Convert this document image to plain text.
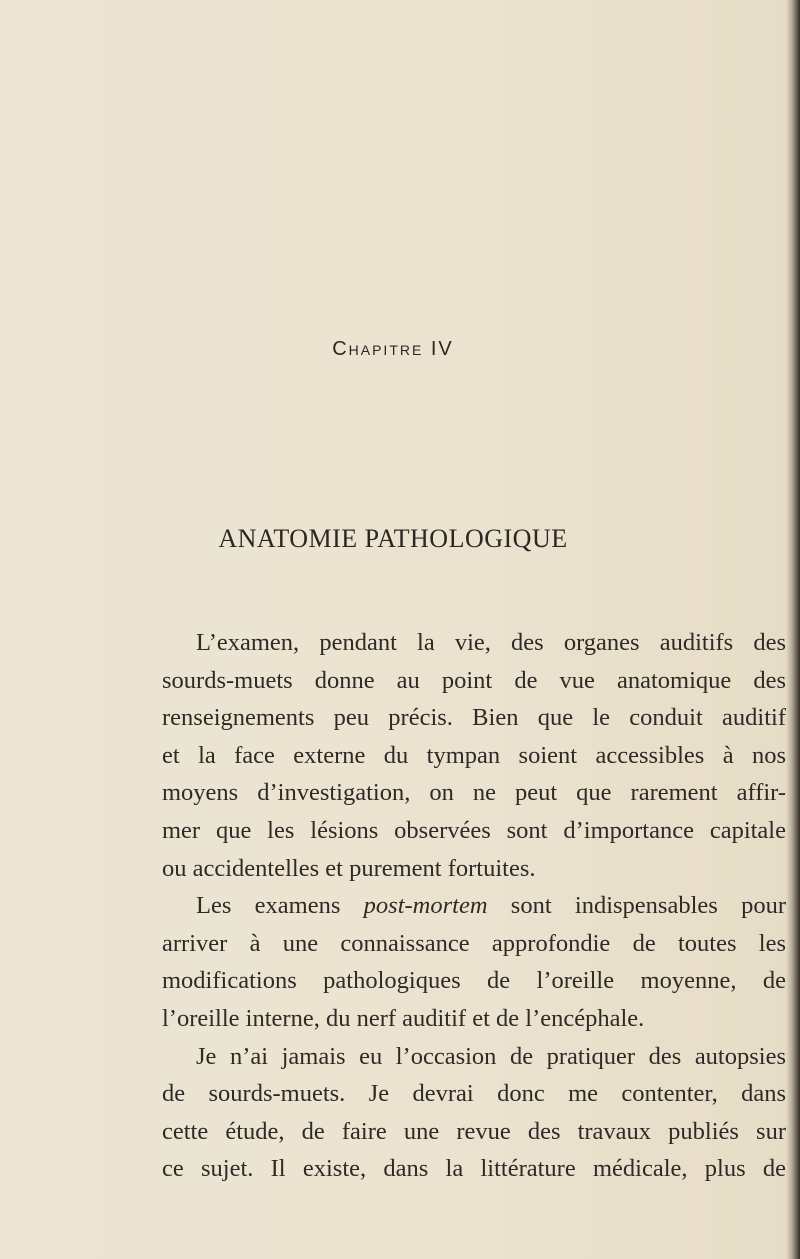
Chapitre IV
ANATOMIE PATHOLOGIQUE
L’examen, pendant la vie, des organes auditifs des
sourds-muets donne au point de vue anatomique des
renseignements peu précis. Bien que le conduit auditif
et la face externe du tympan soient accessibles à nos
moyens d’investigation, on ne peut que rarement affir-
mer que les lésions observées sont d’importance capitale
ou accidentelles et purement fortuites.
Les examens post-mortem sont indispensables pour
arriver à une connaissance approfondie de toutes les
modifications pathologiques de l’oreille moyenne, de
l’oreille interne, du nerf auditif et de l’encéphale.
Je n’ai jamais eu l’occasion de pratiquer des autopsies
de sourds-muets. Je devrai donc me contenter, dans
cette étude, de faire une revue des travaux publiés sur
ce sujet. Il existe, dans la littérature médicale, plus de
